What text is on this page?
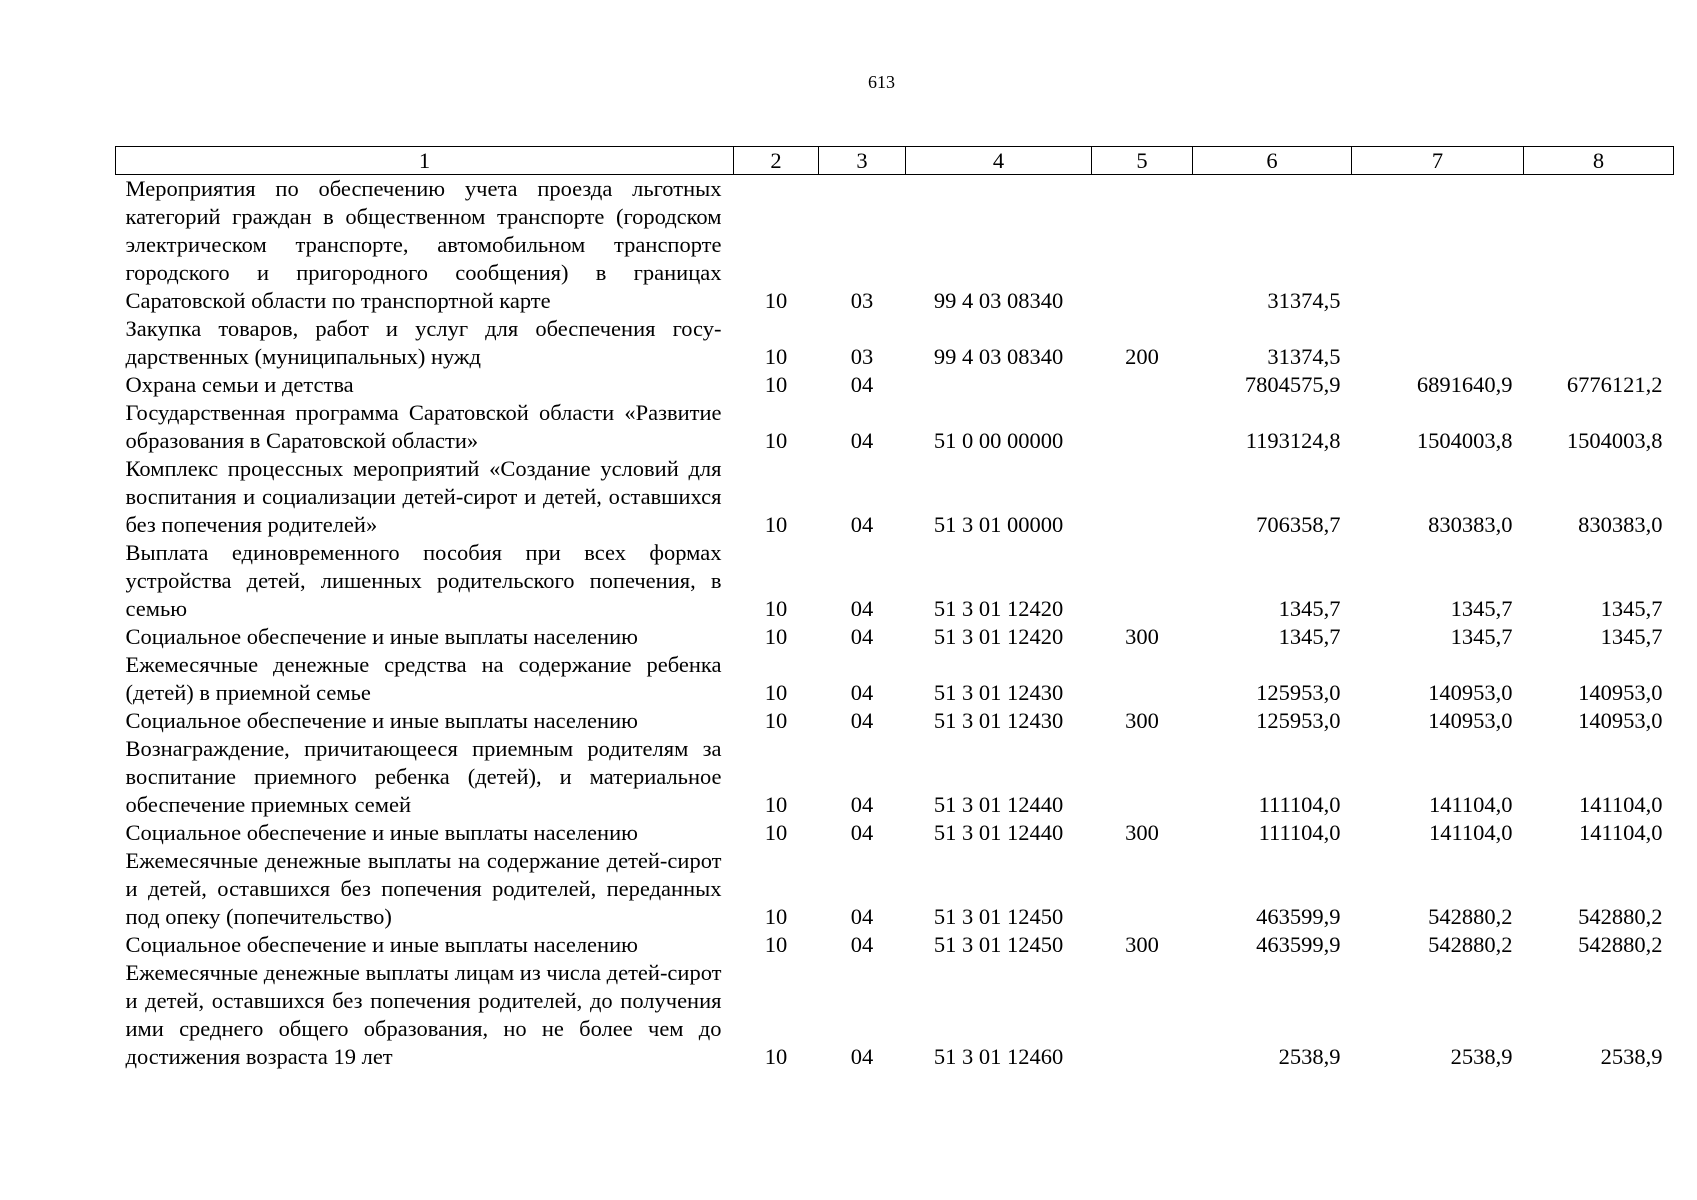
613
1	2	3	4	5	6	7	8
Мероприятия по обеспечению учета проезда льготных категорий граждан в общественном транспорте (городском электрическом транспорте, автомобильном транспорте городского и пригородного сообщения) в границах Саратовской области по транспортной карте	10	03	99 4 03 08340		31374,5		
Закупка товаров, работ и услуг для обеспечения государственных (муниципальных) нужд	10	03	99 4 03 08340	200	31374,5		
Охрана семьи и детства	10	04			7804575,9	6891640,9	6776121,2
Государственная программа Саратовской области «Развитие образования в Саратовской области»	10	04	51 0 00 00000		1193124,8	1504003,8	1504003,8
Комплекс процессных мероприятий «Создание условий для воспитания и социализации детей-сирот и детей, оставшихся без попечения родителей»	10	04	51 3 01 00000		706358,7	830383,0	830383,0
Выплата единовременного пособия при всех формах устройства детей, лишенных родительского попечения, в семью	10	04	51 3 01 12420		1345,7	1345,7	1345,7
Социальное обеспечение и иные выплаты населению	10	04	51 3 01 12420	300	1345,7	1345,7	1345,7
Ежемесячные денежные средства на содержание ребенка (детей) в приемной семье	10	04	51 3 01 12430		125953,0	140953,0	140953,0
Социальное обеспечение и иные выплаты населению	10	04	51 3 01 12430	300	125953,0	140953,0	140953,0
Вознаграждение, причитающееся приемным родителям за воспитание приемного ребенка (детей), и материальное обеспечение приемных семей	10	04	51 3 01 12440		111104,0	141104,0	141104,0
Социальное обеспечение и иные выплаты населению	10	04	51 3 01 12440	300	111104,0	141104,0	141104,0
Ежемесячные денежные выплаты на содержание детей-сирот и детей, оставшихся без попечения родителей, переданных под опеку (попечительство)	10	04	51 3 01 12450		463599,9	542880,2	542880,2
Социальное обеспечение и иные выплаты населению	10	04	51 3 01 12450	300	463599,9	542880,2	542880,2
Ежемесячные денежные выплаты лицам из числа детей-сирот и детей, оставшихся без попечения родителей, до получения ими среднего общего образования, но не более чем до достижения возраста 19 лет	10	04	51 3 01 12460		2538,9	2538,9	2538,9
